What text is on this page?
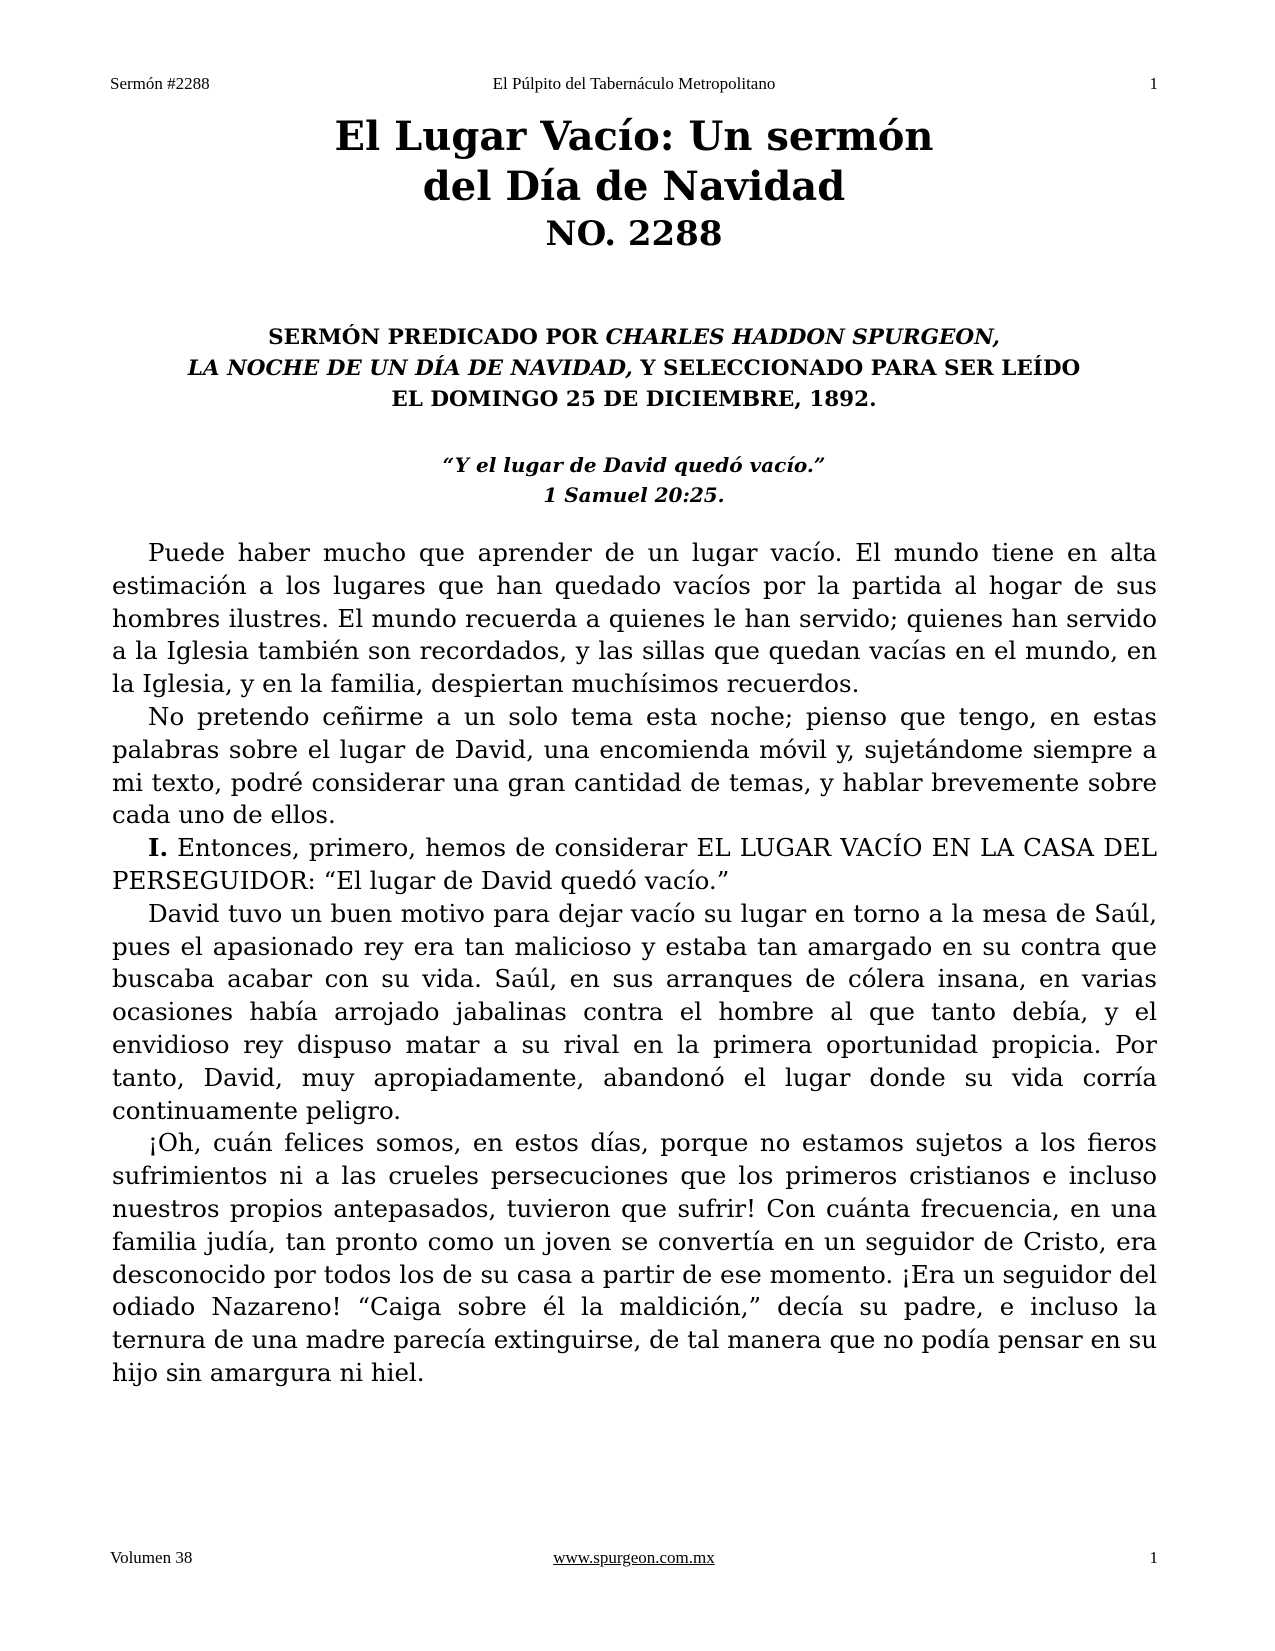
Sermón #2288	El Púlpito del Tabernáculo Metropolitano	1
El Lugar Vacío: Un sermón
del Día de Navidad
NO. 2288
SERMÓN PREDICADO POR CHARLES HADDON SPURGEON,
LA NOCHE DE UN DÍA DE NAVIDAD, Y SELECCIONADO PARA SER LEÍDO
EL DOMINGO 25 DE DICIEMBRE, 1892.
“Y el lugar de David quedó vacío.”
1 Samuel 20:25.

Puede haber mucho que aprender de un lugar vacío. El mundo tiene en alta estimación a los lugares que han quedado vacíos por la partida al hogar de sus hombres ilustres. El mundo recuerda a quienes le han servido; quienes han servido a la Iglesia también son recordados, y las sillas que quedan vacías en el mundo, en la Iglesia, y en la familia, despiertan muchísimos recuerdos.

No pretendo ceñirme a un solo tema esta noche; pienso que tengo, en estas palabras sobre el lugar de David, una encomienda móvil y, sujetándome siempre a mi texto, podré considerar una gran cantidad de temas, y hablar brevemente sobre cada uno de ellos.

I. Entonces, primero, hemos de considerar EL LUGAR VACÍO EN LA CASA DEL PERSEGUIDOR: “El lugar de David quedó vacío.”

David tuvo un buen motivo para dejar vacío su lugar en torno a la mesa de Saúl, pues el apasionado rey era tan malicioso y estaba tan amargado en su contra que buscaba acabar con su vida. Saúl, en sus arranques de cólera insana, en varias ocasiones había arrojado jabalinas contra el hombre al que tanto debía, y el envidioso rey dispuso matar a su rival en la primera oportunidad propicia. Por tanto, David, muy apropiadamente, abandonó el lugar donde su vida corría continuamente peligro.

¡Oh, cuán felices somos, en estos días, porque no estamos sujetos a los fieros sufrimientos ni a las crueles persecuciones que los primeros cristianos e incluso nuestros propios antepasados, tuvieron que sufrir! Con cuánta frecuencia, en una familia judía, tan pronto como un joven se convertía en un seguidor de Cristo, era desconocido por todos los de su casa a partir de ese momento. ¡Era un seguidor del odiado Nazareno! “Caiga sobre él la maldición,” decía su padre, e incluso la ternura de una madre parecía extinguirse, de tal manera que no podía pensar en su hijo sin amargura ni hiel.

Volumen 38	www.spurgeon.com.mx	1
